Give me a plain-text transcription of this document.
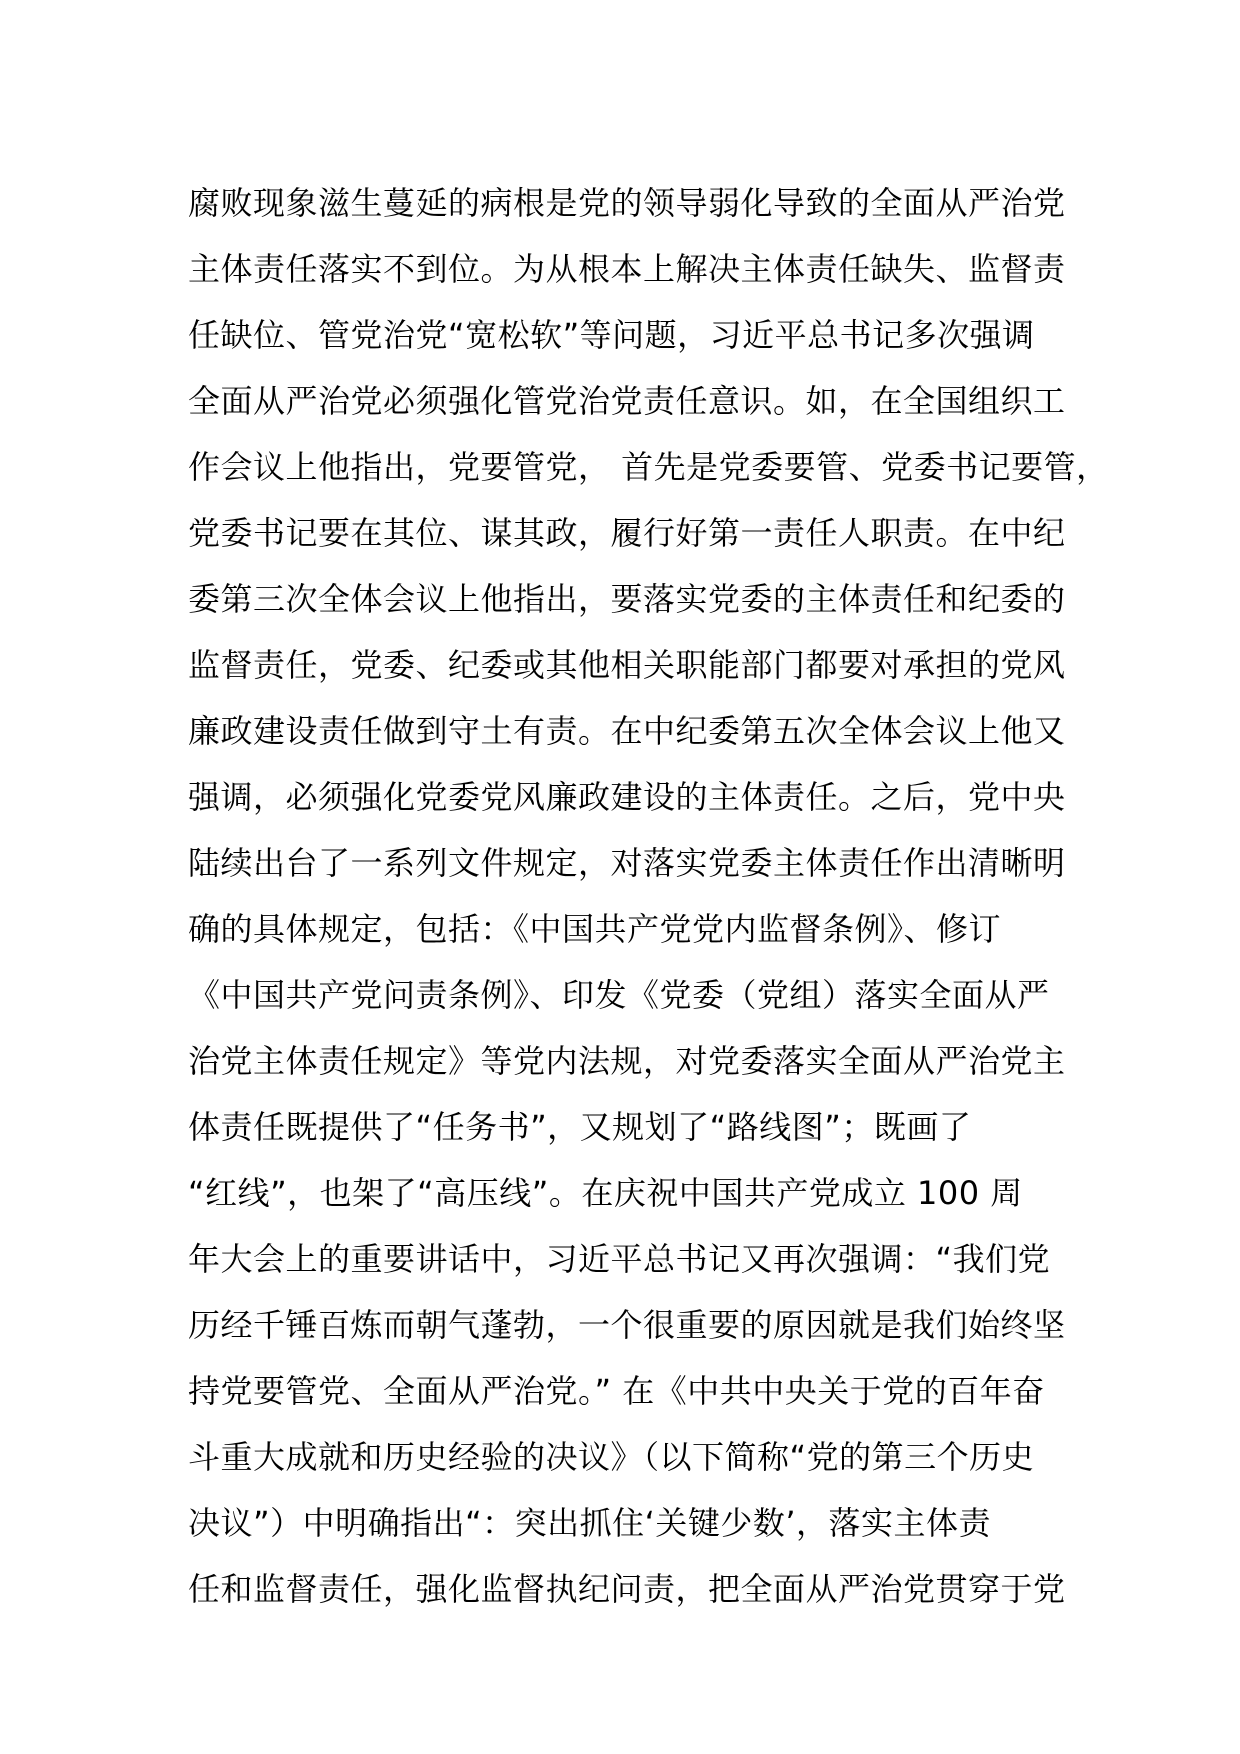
腐败现象滋生蔓延的病根是党的领导弱化导致的全面从严治党
主体责任落实不到位。为从根本上解决主体责任缺失、监督责
任缺位、管党治党“宽松软”等问题，习近平总书记多次强调
全面从严治党必须强化管党治党责任意识。如，在全国组织工
作会议上他指出，党要管党， 首先是党委要管、党委书记要管，
党委书记要在其位、谋其政，履行好第一责任人职责。在中纪
委第三次全体会议上他指出，要落实党委的主体责任和纪委的
监督责任，党委、纪委或其他相关职能部门都要对承担的党风
廉政建设责任做到守土有责。在中纪委第五次全体会议上他又
强调，必须强化党委党风廉政建设的主体责任。之后，党中央
陆续出台了一系列文件规定，对落实党委主体责任作出清晰明
确的具体规定，包括：《中国共产党党内监督条例》、修订
《中国共产党问责条例》、印发《党委（党组）落实全面从严
治党主体责任规定》等党内法规，对党委落实全面从严治党主
体责任既提供了“任务书”，又规划了“路线图”；既画了
“红线”，也架了“高压线”。在庆祝中国共产党成立 100 周
年大会上的重要讲话中，习近平总书记又再次强调：“我们党
历经千锤百炼而朝气蓬勃，一个很重要的原因就是我们始终坚
持党要管党、全面从严治党。” 在《中共中央关于党的百年奋
斗重大成就和历史经验的决议》（以下简称“党的第三个历史
决议”）中明确指出“：突出抓住‘关键少数’，落实主体责
任和监督责任，强化监督执纪问责，把全面从严治党贯穿于党
